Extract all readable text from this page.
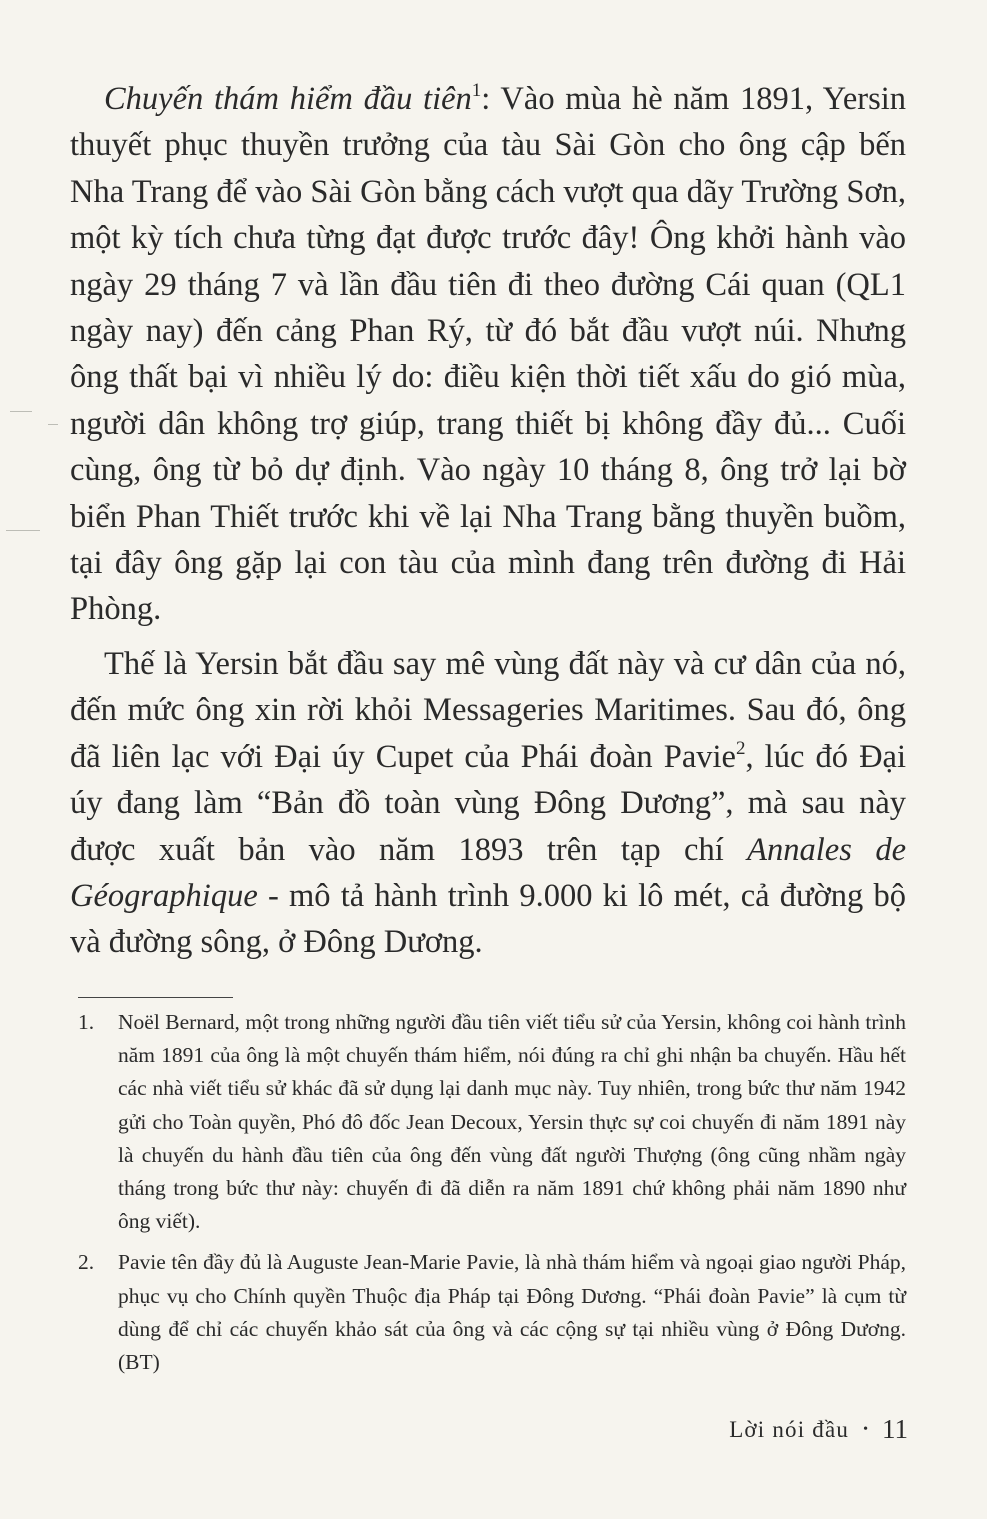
Chuyến thám hiểm đầu tiên$^1$: Vào mùa hè năm 1891, Yersin thuyết phục thuyền trưởng của tàu Sài Gòn cho ông cập bến Nha Trang để vào Sài Gòn bằng cách vượt qua dãy Trường Sơn, một kỳ tích chưa từng đạt được trước đây! Ông khởi hành vào ngày 29 tháng 7 và lần đầu tiên đi theo đường Cái quan (QL1 ngày nay) đến cảng Phan Rý, từ đó bắt đầu vượt núi. Nhưng ông thất bại vì nhiều lý do: điều kiện thời tiết xấu do gió mùa, người dân không trợ giúp, trang thiết bị không đầy đủ... Cuối cùng, ông từ bỏ dự định. Vào ngày 10 tháng 8, ông trở lại bờ biển Phan Thiết trước khi về lại Nha Trang bằng thuyền buồm, tại đây ông gặp lại con tàu của mình đang trên đường đi Hải Phòng.

Thế là Yersin bắt đầu say mê vùng đất này và cư dân của nó, đến mức ông xin rời khỏi Messageries Maritimes. Sau đó, ông đã liên lạc với Đại úy Cupet của Phái đoàn Pavie$^2$, lúc đó Đại úy đang làm “Bản đồ toàn vùng Đông Dương”, mà sau này được xuất bản vào năm 1893 trên tạp chí Annales de Géographique - mô tả hành trình 9.000 ki lô mét, cả đường bộ và đường sông, ở Đông Dương.

1. Noël Bernard, một trong những người đầu tiên viết tiểu sử của Yersin, không coi hành trình năm 1891 của ông là một chuyến thám hiểm, nói đúng ra chỉ ghi nhận ba chuyến. Hầu hết các nhà viết tiểu sử khác đã sử dụng lại danh mục này. Tuy nhiên, trong bức thư năm 1942 gửi cho Toàn quyền, Phó đô đốc Jean Decoux, Yersin thực sự coi chuyến đi năm 1891 này là chuyến du hành đầu tiên của ông đến vùng đất người Thượng (ông cũng nhầm ngày tháng trong bức thư này: chuyến đi đã diễn ra năm 1891 chứ không phải năm 1890 như ông viết).

2. Pavie tên đầy đủ là Auguste Jean-Marie Pavie, là nhà thám hiểm và ngoại giao người Pháp, phục vụ cho Chính quyền Thuộc địa Pháp tại Đông Dương. “Phái đoàn Pavie” là cụm từ dùng để chỉ các chuyến khảo sát của ông và các cộng sự tại nhiều vùng ở Đông Dương. (BT)

Lời nói đầu • 11
